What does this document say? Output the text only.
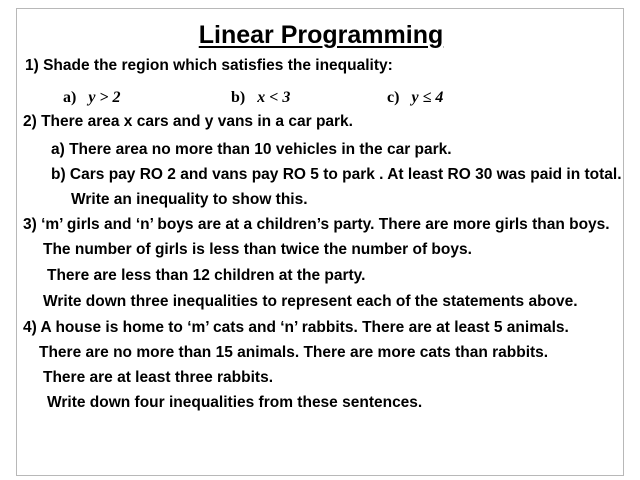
Linear Programming
1) Shade the region which satisfies the inequality:
a) y > 2	b) x < 3	c) y ≤ 4
2) There area x cars and y vans in a car park.
a) There area no more than 10 vehicles in the car park.
b) Cars pay RO 2 and vans pay RO 5 to park . At least RO 30 was paid in total.
Write an inequality to show this.
3) ‘m’ girls and ‘n’ boys are at a children’s party. There are more girls than boys.
The number of girls is less than twice the number of boys.
There are less than 12 children at the party.
Write down three inequalities to represent each of the statements above.
4) A house is home to ‘m’ cats and ‘n’ rabbits. There are at least 5 animals.
There are no more than 15 animals. There are more cats than rabbits.
There are at least three rabbits.
Write down four inequalities from these sentences.
